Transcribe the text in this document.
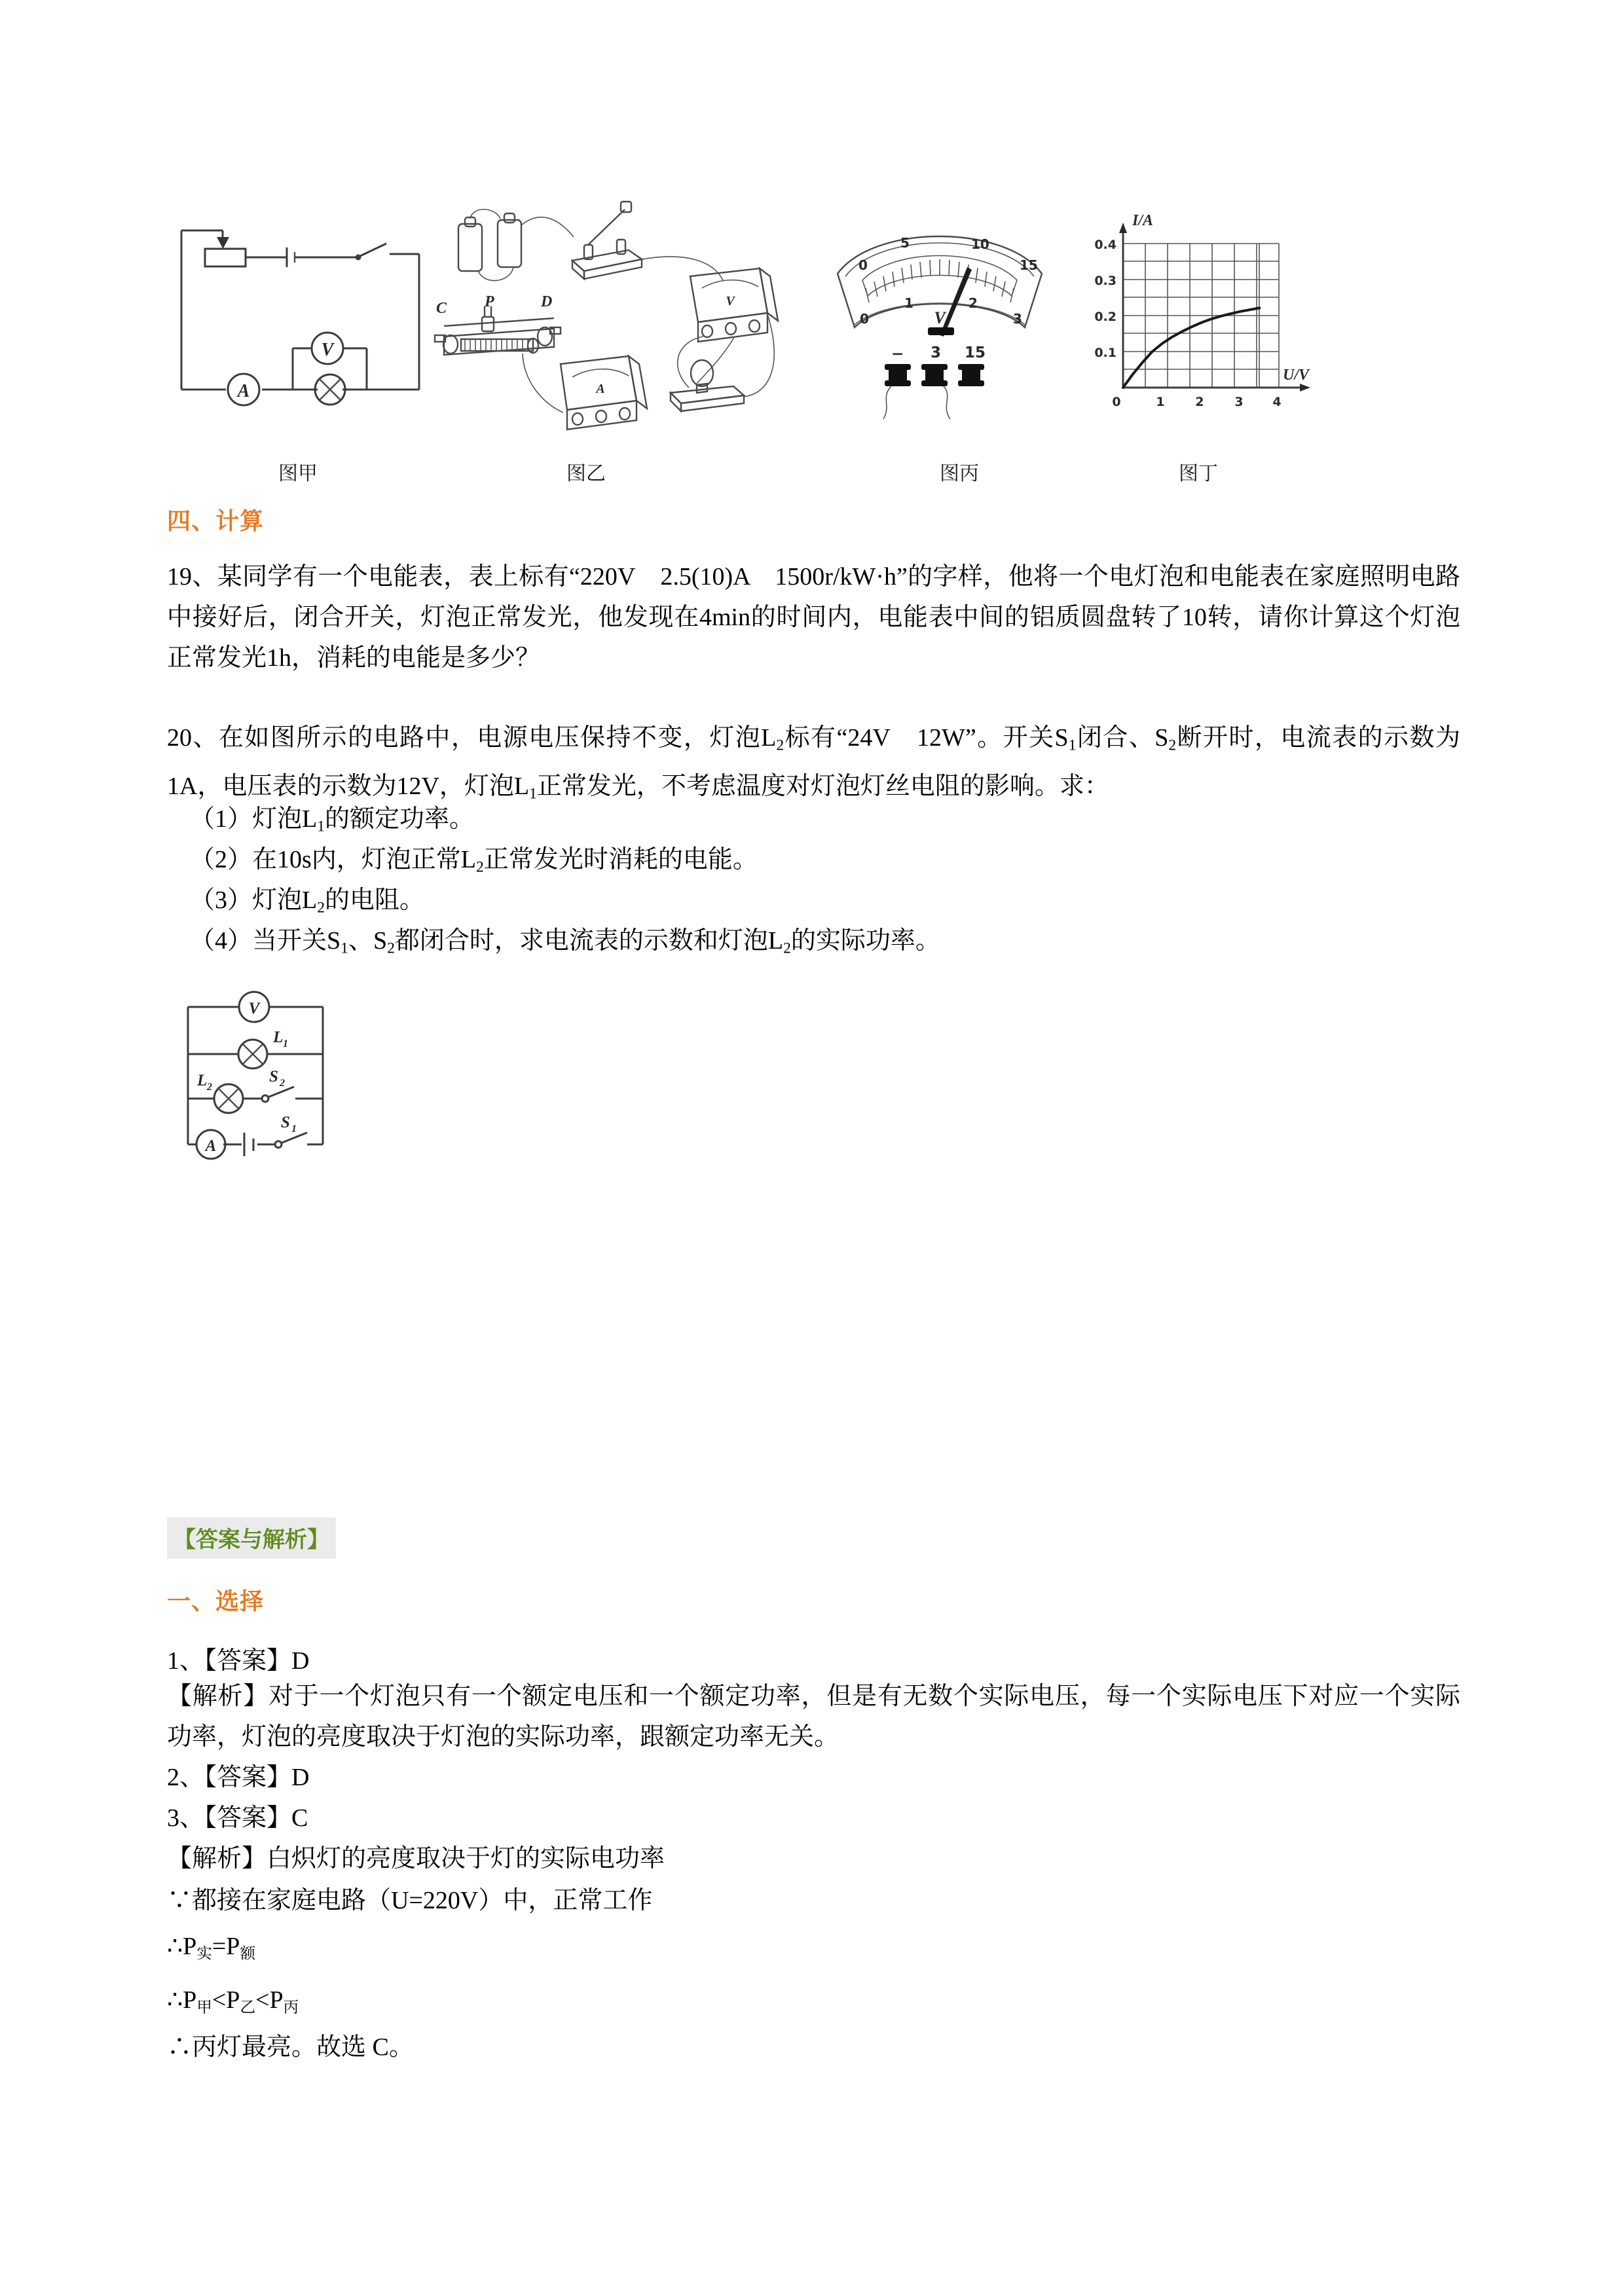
V
A
V
C P	D
A
0
5	10
15
0
1	2
3
V
− 3 15
0.4
0.3
0.2
0.1
0	1 2 3 4
I/A
U/V
图甲	图乙	图丙	图丁
四、计算
19、某同学有一个电能表，表上标有“220V　2.5(10)A　1500r/kW·h”的字样，他将一个电灯泡和电能表在家庭照明电路中接好后，闭合开关，灯泡正常发光，他发现在4min的时间内，电能表中间的铝质圆盘转了10转，请你计算这个灯泡正常发光1h，消耗的电能是多少？
20、在如图所示的电路中，电源电压保持不变，灯泡$L_2$标有“24V　12W”。开关$S_1$闭合、$S_2$断开时，电流表的示数为1A，电压表的示数为12V，灯泡$L_1$正常发光，不考虑温度对灯泡灯丝电阻的影响。求：
（1）灯泡$L_1$的额定功率。
（2）在10s内，灯泡正常$L_2$正常发光时消耗的电能。
（3）灯泡$L_2$的电阻。
（4）当开关$S_1$、$S_2$都闭合时，求电流表的示数和灯泡$L_2$的实际功率。
V
L 1
L 2
S 2
A
S 1
【答案与解析】
一、选择
1、【答案】D
【解析】对于一个灯泡只有一个额定电压和一个额定功率，但是有无数个实际电压，每一个实际电压下对应一个实际功率，灯泡的亮度取决于灯泡的实际功率，跟额定功率无关。
2、【答案】D
3、【答案】C
【解析】白炽灯的亮度取决于灯的实际电功率
∵都接在家庭电路（U=220V）中，正常工作
$\therefore P_实=P_额$
$\therefore P_甲<P_乙<P_丙$
∴丙灯最亮。故选 C。
